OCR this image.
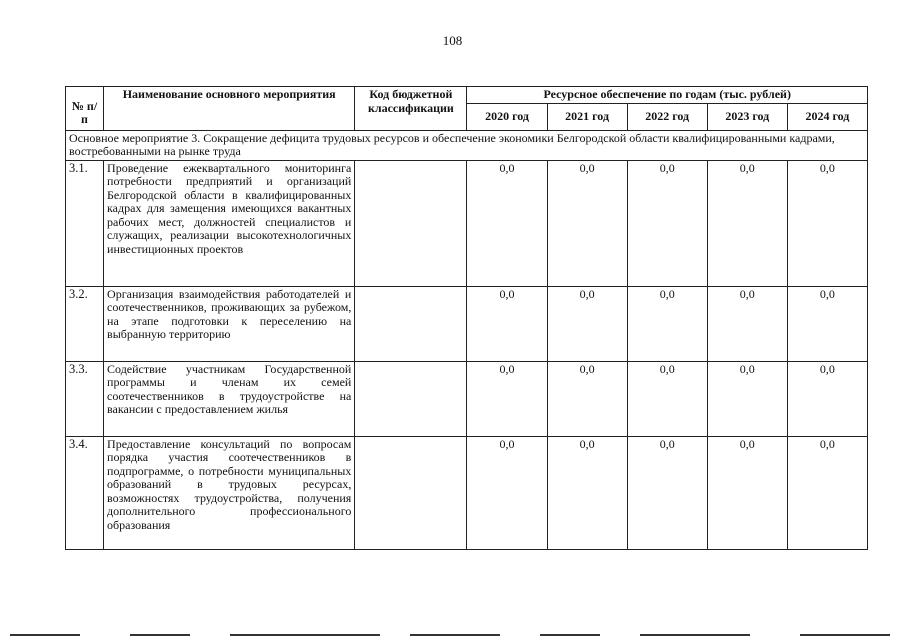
108
№ п/п	Наименование основного мероприятия	Код бюджетной классификации	Ресурсное обеспечение по годам (тыс. рублей)				
			2020 год	2021 год	2022 год	2023 год	2024 год
Основное мероприятие 3. Сокращение дефицита трудовых ресурсов и обеспечение экономики Белгородской области квалифицированными кадрами, востребованными на рынке труда							
3.1.	Проведение ежеквартального мониторинга потребности предприятий и организаций Белгородской области в квалифицированных кадрах для замещения имеющихся вакантных рабочих мест, должностей специалистов и служащих, реализации высокотехнологичных инвестиционных проектов		0,0	0,0	0,0	0,0	0,0
3.2.	Организация взаимодействия работодателей и соотечественников, проживающих за рубежом, на этапе подготовки к переселению на выбранную территорию		0,0	0,0	0,0	0,0	0,0
3.3.	Содействие участникам Государственной программы и членам их семей соотечественников в трудоустройстве на вакансии с предоставлением жилья		0,0	0,0	0,0	0,0	0,0
3.4.	Предоставление консультаций по вопросам порядка участия соотечественников в подпрограмме, о потребности муниципальных образований в трудовых ресурсах, возможностях трудоустройства, получения дополнительного профессионального образования		0,0	0,0	0,0	0,0	0,0
